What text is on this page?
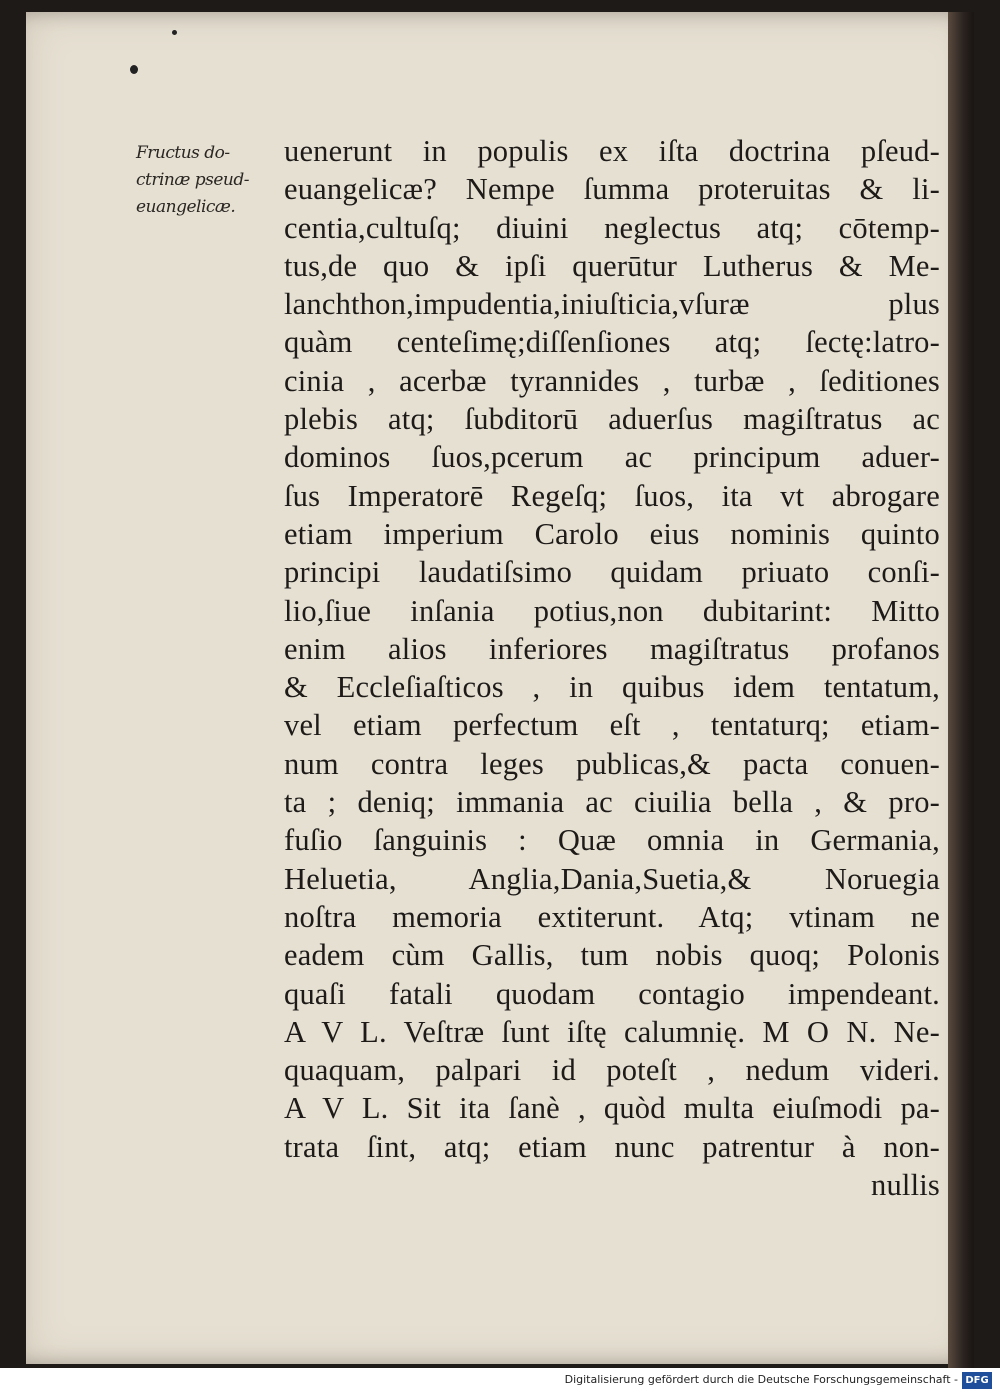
Fructus do-
ctrinæ pseud-
euangelicæ.
uenerunt in populis ex iſta doctrina pſeud-
euangelicæ? Nempe ſumma proteruitas & li-
centia,cultuſq; diuini neglectus atq; cōtemp-
tus,de quo & ipſi querūtur Lutherus & Me-
lanchthon,impudentia,iniuſticia,vſuræ plus
quàm centeſimę;diſſenſiones atq; ſectę:latro-
cinia , acerbæ tyrannides , turbæ , ſeditiones
plebis atq; ſubditorū aduerſus magiſtratus ac
dominos ſuos,pcerum ac principum aduer-
ſus Imperatorē Regeſq; ſuos, ita vt abrogare
etiam imperium Carolo eius nominis quinto
principi laudatiſsimo quidam priuato conſi-
lio,ſiue inſania potius,non dubitarint: Mitto
enim alios inferiores magiſtratus profanos
& Eccleſiaſticos , in quibus idem tentatum,
vel etiam perfectum eſt , tentaturq; etiam-
num contra leges publicas,& pacta conuen-
ta ; deniq; immania ac ciuilia bella , & pro-
fuſio ſanguinis : Quæ omnia in Germania,
Heluetia, Anglia,Dania,Suetia,& Noruegia
noſtra memoria extiterunt. Atq; vtinam ne
eadem cùm Gallis, tum nobis quoq; Polonis
quaſi fatali quodam contagio impendeant.
A V L. Veſtræ ſunt iſtę calumnię. M O N. Ne-
quaquam, palpari id poteſt , nedum videri.
A V L. Sit ita ſanè , quòd multa eiuſmodi pa-
trata ſint, atq; etiam nunc patrentur à non-
nullis
Digitalisierung gefördert durch die Deutsche Forschungsgemeinschaft - DFG
